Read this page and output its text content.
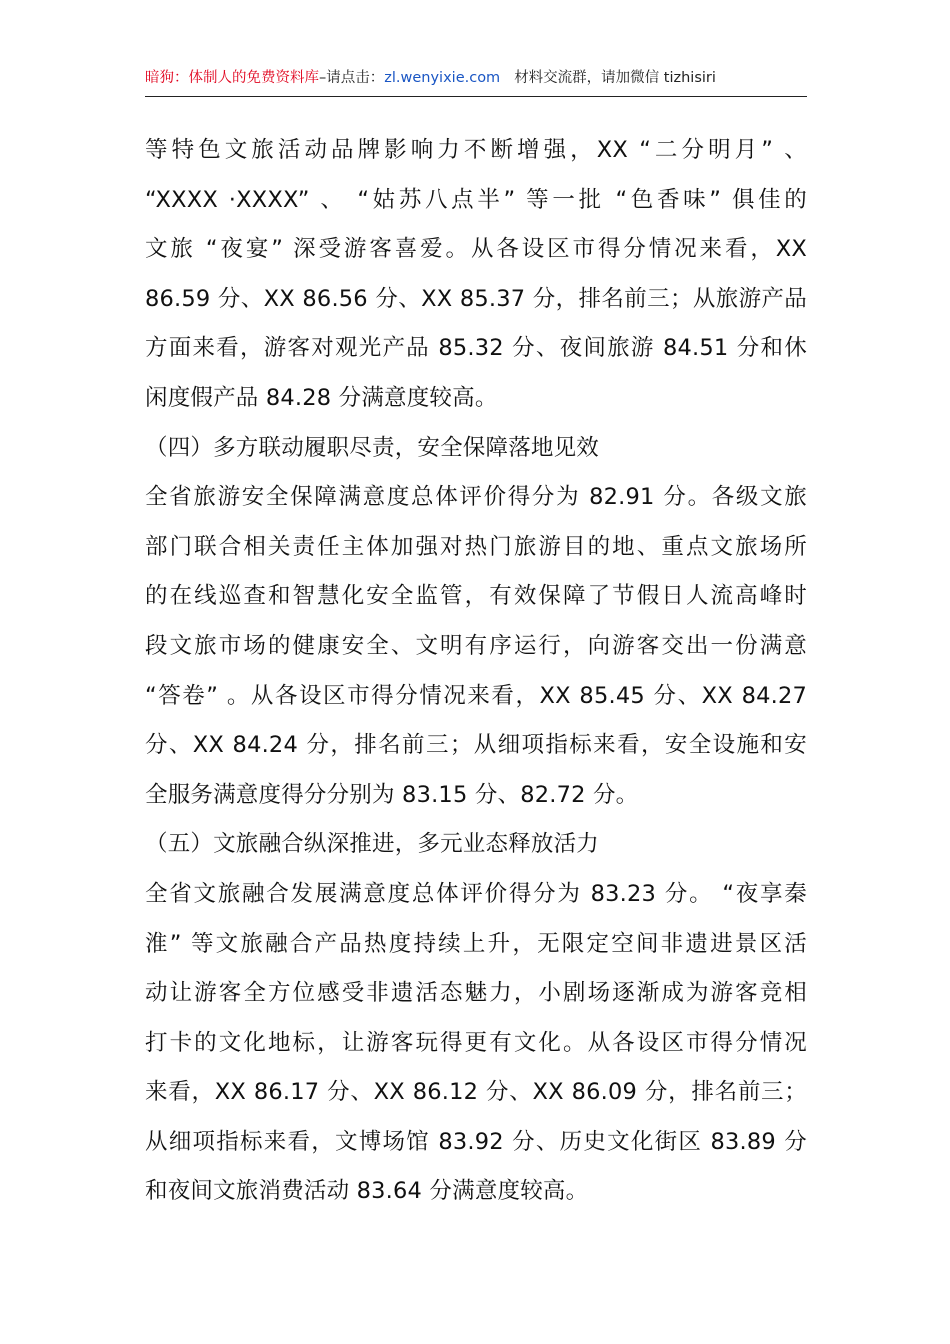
暗狗：体制人的免费资料库–请点击：zl.wenyixie.com 材料交流群，请加微信 tizhisiri
等特色文旅活动品牌影响力不断增强，XX “二分明月” 、
“XXXX ·XXXX” 、 “姑苏八点半” 等一批 “色香味” 俱佳的
文旅 “夜宴” 深受游客喜爱。从各设区市得分情况来看，XX
86.59 分、XX 86.56 分、XX 85.37 分，排名前三；从旅游产品
方面来看，游客对观光产品 85.32 分、夜间旅游 84.51 分和休
闲度假产品 84.28 分满意度较高。
（四）多方联动履职尽责，安全保障落地见效
全省旅游安全保障满意度总体评价得分为 82.91 分。各级文旅
部门联合相关责任主体加强对热门旅游目的地、重点文旅场所
的在线巡查和智慧化安全监管，有效保障了节假日人流高峰时
段文旅市场的健康安全、文明有序运行，向游客交出一份满意
“答卷” 。从各设区市得分情况来看，XX 85.45 分、XX 84.27
分、XX 84.24 分，排名前三；从细项指标来看，安全设施和安
全服务满意度得分分别为 83.15 分、82.72 分。
（五）文旅融合纵深推进，多元业态释放活力
全省文旅融合发展满意度总体评价得分为 83.23 分。 “夜享秦
淮” 等文旅融合产品热度持续上升，无限定空间非遗进景区活
动让游客全方位感受非遗活态魅力，小剧场逐渐成为游客竞相
打卡的文化地标，让游客玩得更有文化。从各设区市得分情况
来看，XX 86.17 分、XX 86.12 分、XX 86.09 分，排名前三；
从细项指标来看，文博场馆 83.92 分、历史文化街区 83.89 分
和夜间文旅消费活动 83.64 分满意度较高。
